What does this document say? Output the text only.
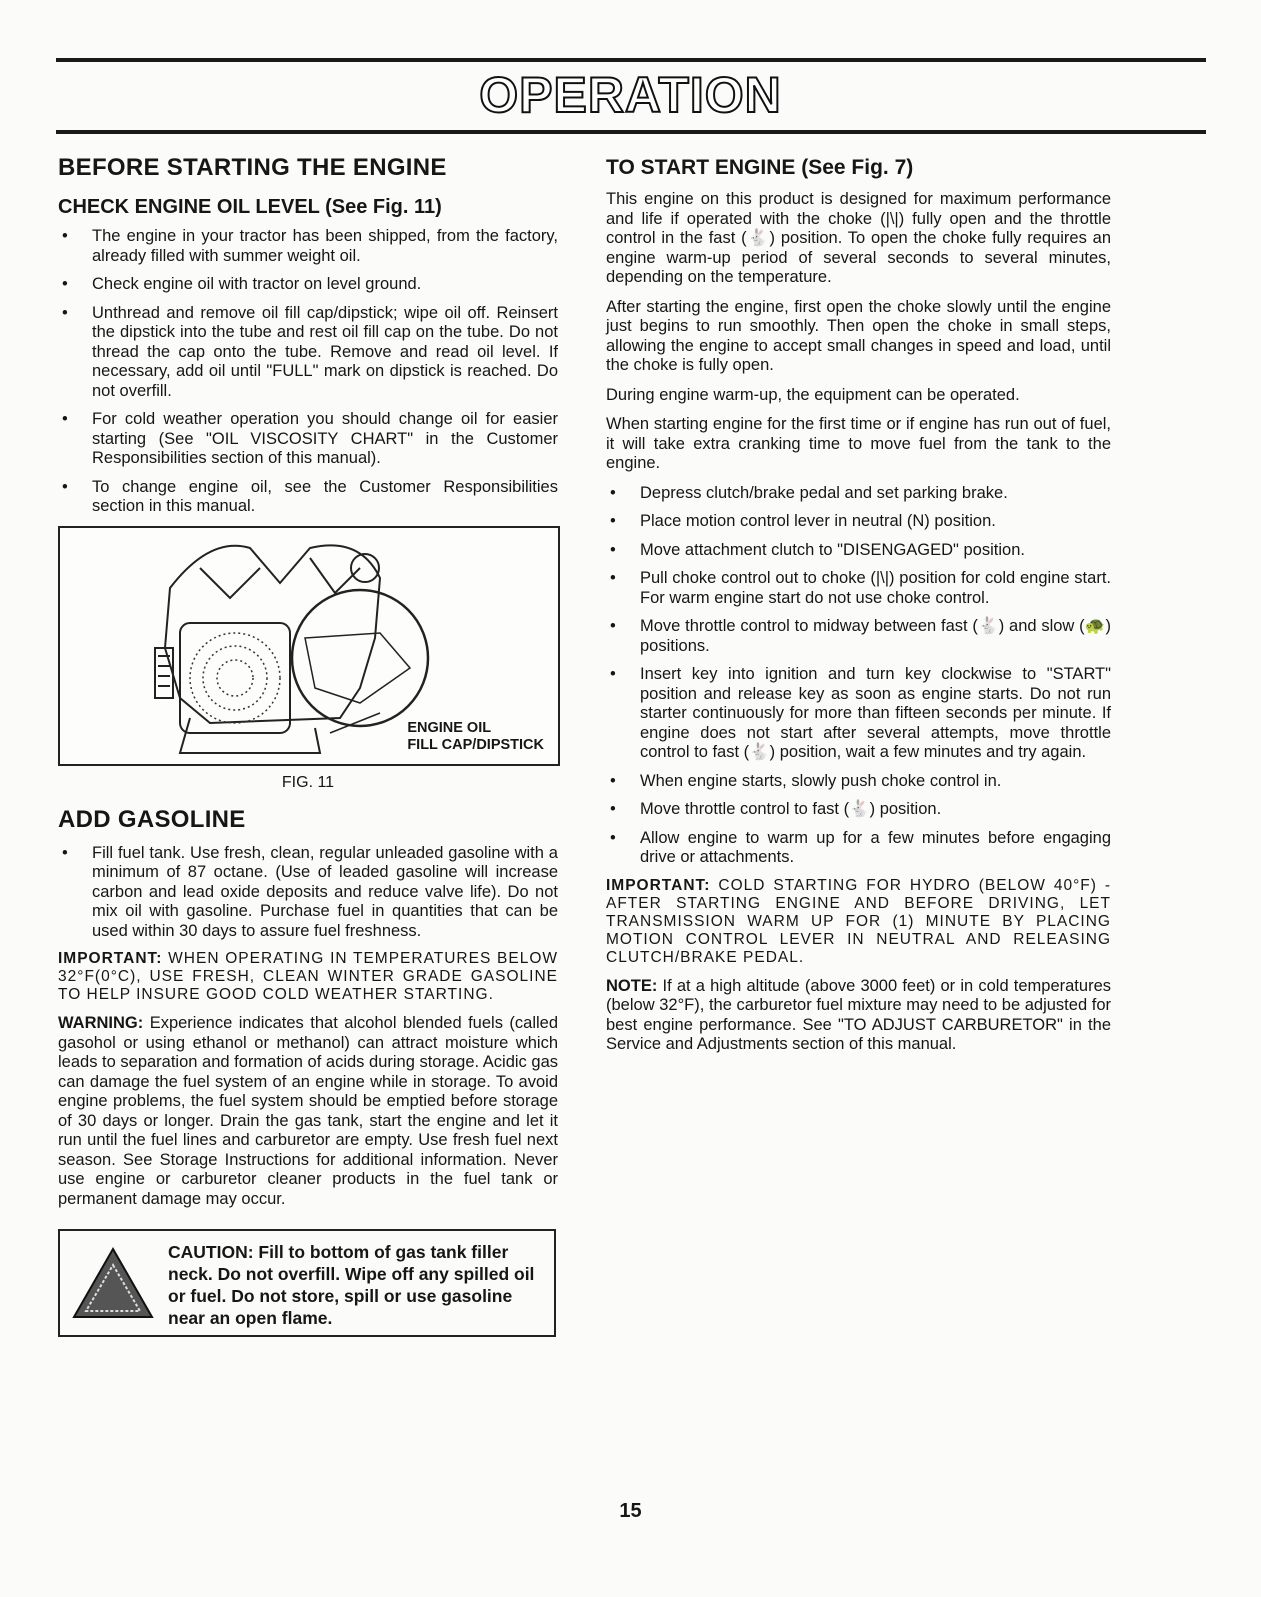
OPERATION
BEFORE STARTING THE ENGINE
CHECK ENGINE OIL LEVEL (See Fig. 11)
• The engine in your tractor has been shipped, from the factory, already filled with summer weight oil.
• Check engine oil with tractor on level ground.
• Unthread and remove oil fill cap/dipstick; wipe oil off. Reinsert the dipstick into the tube and rest oil fill cap on the tube. Do not thread the cap onto the tube. Remove and read oil level. If necessary, add oil until "FULL" mark on dipstick is reached. Do not overfill.
• For cold weather operation you should change oil for easier starting (See "OIL VISCOSITY CHART" in the Customer Responsibilities section of this manual).
• To change engine oil, see the Customer Responsibilities section in this manual.
ENGINE OIL
FILL CAP/DIPSTICK
FIG. 11
ADD GASOLINE
• Fill fuel tank. Use fresh, clean, regular unleaded gasoline with a minimum of 87 octane. (Use of leaded gasoline will increase carbon and lead oxide deposits and reduce valve life). Do not mix oil with gasoline. Purchase fuel in quantities that can be used within 30 days to assure fuel freshness.

IMPORTANT: WHEN OPERATING IN TEMPERATURES BELOW 32°F(0°C), USE FRESH, CLEAN WINTER GRADE GASOLINE TO HELP INSURE GOOD COLD WEATHER STARTING.

WARNING: Experience indicates that alcohol blended fuels (called gasohol or using ethanol or methanol) can attract moisture which leads to separation and formation of acids during storage. Acidic gas can damage the fuel system of an engine while in storage. To avoid engine problems, the fuel system should be emptied before storage of 30 days or longer. Drain the gas tank, start the engine and let it run until the fuel lines and carburetor are empty. Use fresh fuel next season. See Storage Instructions for additional information. Never use engine or carburetor cleaner products in the fuel tank or permanent damage may occur.

CAUTION: Fill to bottom of gas tank filler neck. Do not overfill. Wipe off any spilled oil or fuel. Do not store, spill or use gasoline near an open flame.
TO START ENGINE (See Fig. 7)

This engine on this product is designed for maximum performance and life if operated with the choke (|\|) fully open and the throttle control in the fast (🐇) position. To open the choke fully requires an engine warm-up period of several seconds to several minutes, depending on the temperature.

After starting the engine, first open the choke slowly until the engine just begins to run smoothly. Then open the choke in small steps, allowing the engine to accept small changes in speed and load, until the choke is fully open.

During engine warm-up, the equipment can be operated.

When starting engine for the first time or if engine has run out of fuel, it will take extra cranking time to move fuel from the tank to the engine.

• Depress clutch/brake pedal and set parking brake.
• Place motion control lever in neutral (N) position.
• Move attachment clutch to "DISENGAGED" position.
• Pull choke control out to choke (|\|) position for cold engine start. For warm engine start do not use choke control.
• Move throttle control to midway between fast (🐇) and slow (🐢) positions.
• Insert key into ignition and turn key clockwise to "START" position and release key as soon as engine starts. Do not run starter continuously for more than fifteen seconds per minute. If engine does not start after several attempts, move throttle control to fast (🐇) position, wait a few minutes and try again.
• When engine starts, slowly push choke control in.
• Move throttle control to fast (🐇) position.
• Allow engine to warm up for a few minutes before engaging drive or attachments.

IMPORTANT: COLD STARTING FOR HYDRO (BELOW 40°F) - AFTER STARTING ENGINE AND BEFORE DRIVING, LET TRANSMISSION WARM UP FOR (1) MINUTE BY PLACING MOTION CONTROL LEVER IN NEUTRAL AND RELEASING CLUTCH/BRAKE PEDAL.

NOTE: If at a high altitude (above 3000 feet) or in cold temperatures (below 32°F), the carburetor fuel mixture may need to be adjusted for best engine performance. See "TO ADJUST CARBURETOR" in the Service and Adjustments section of this manual.

15
